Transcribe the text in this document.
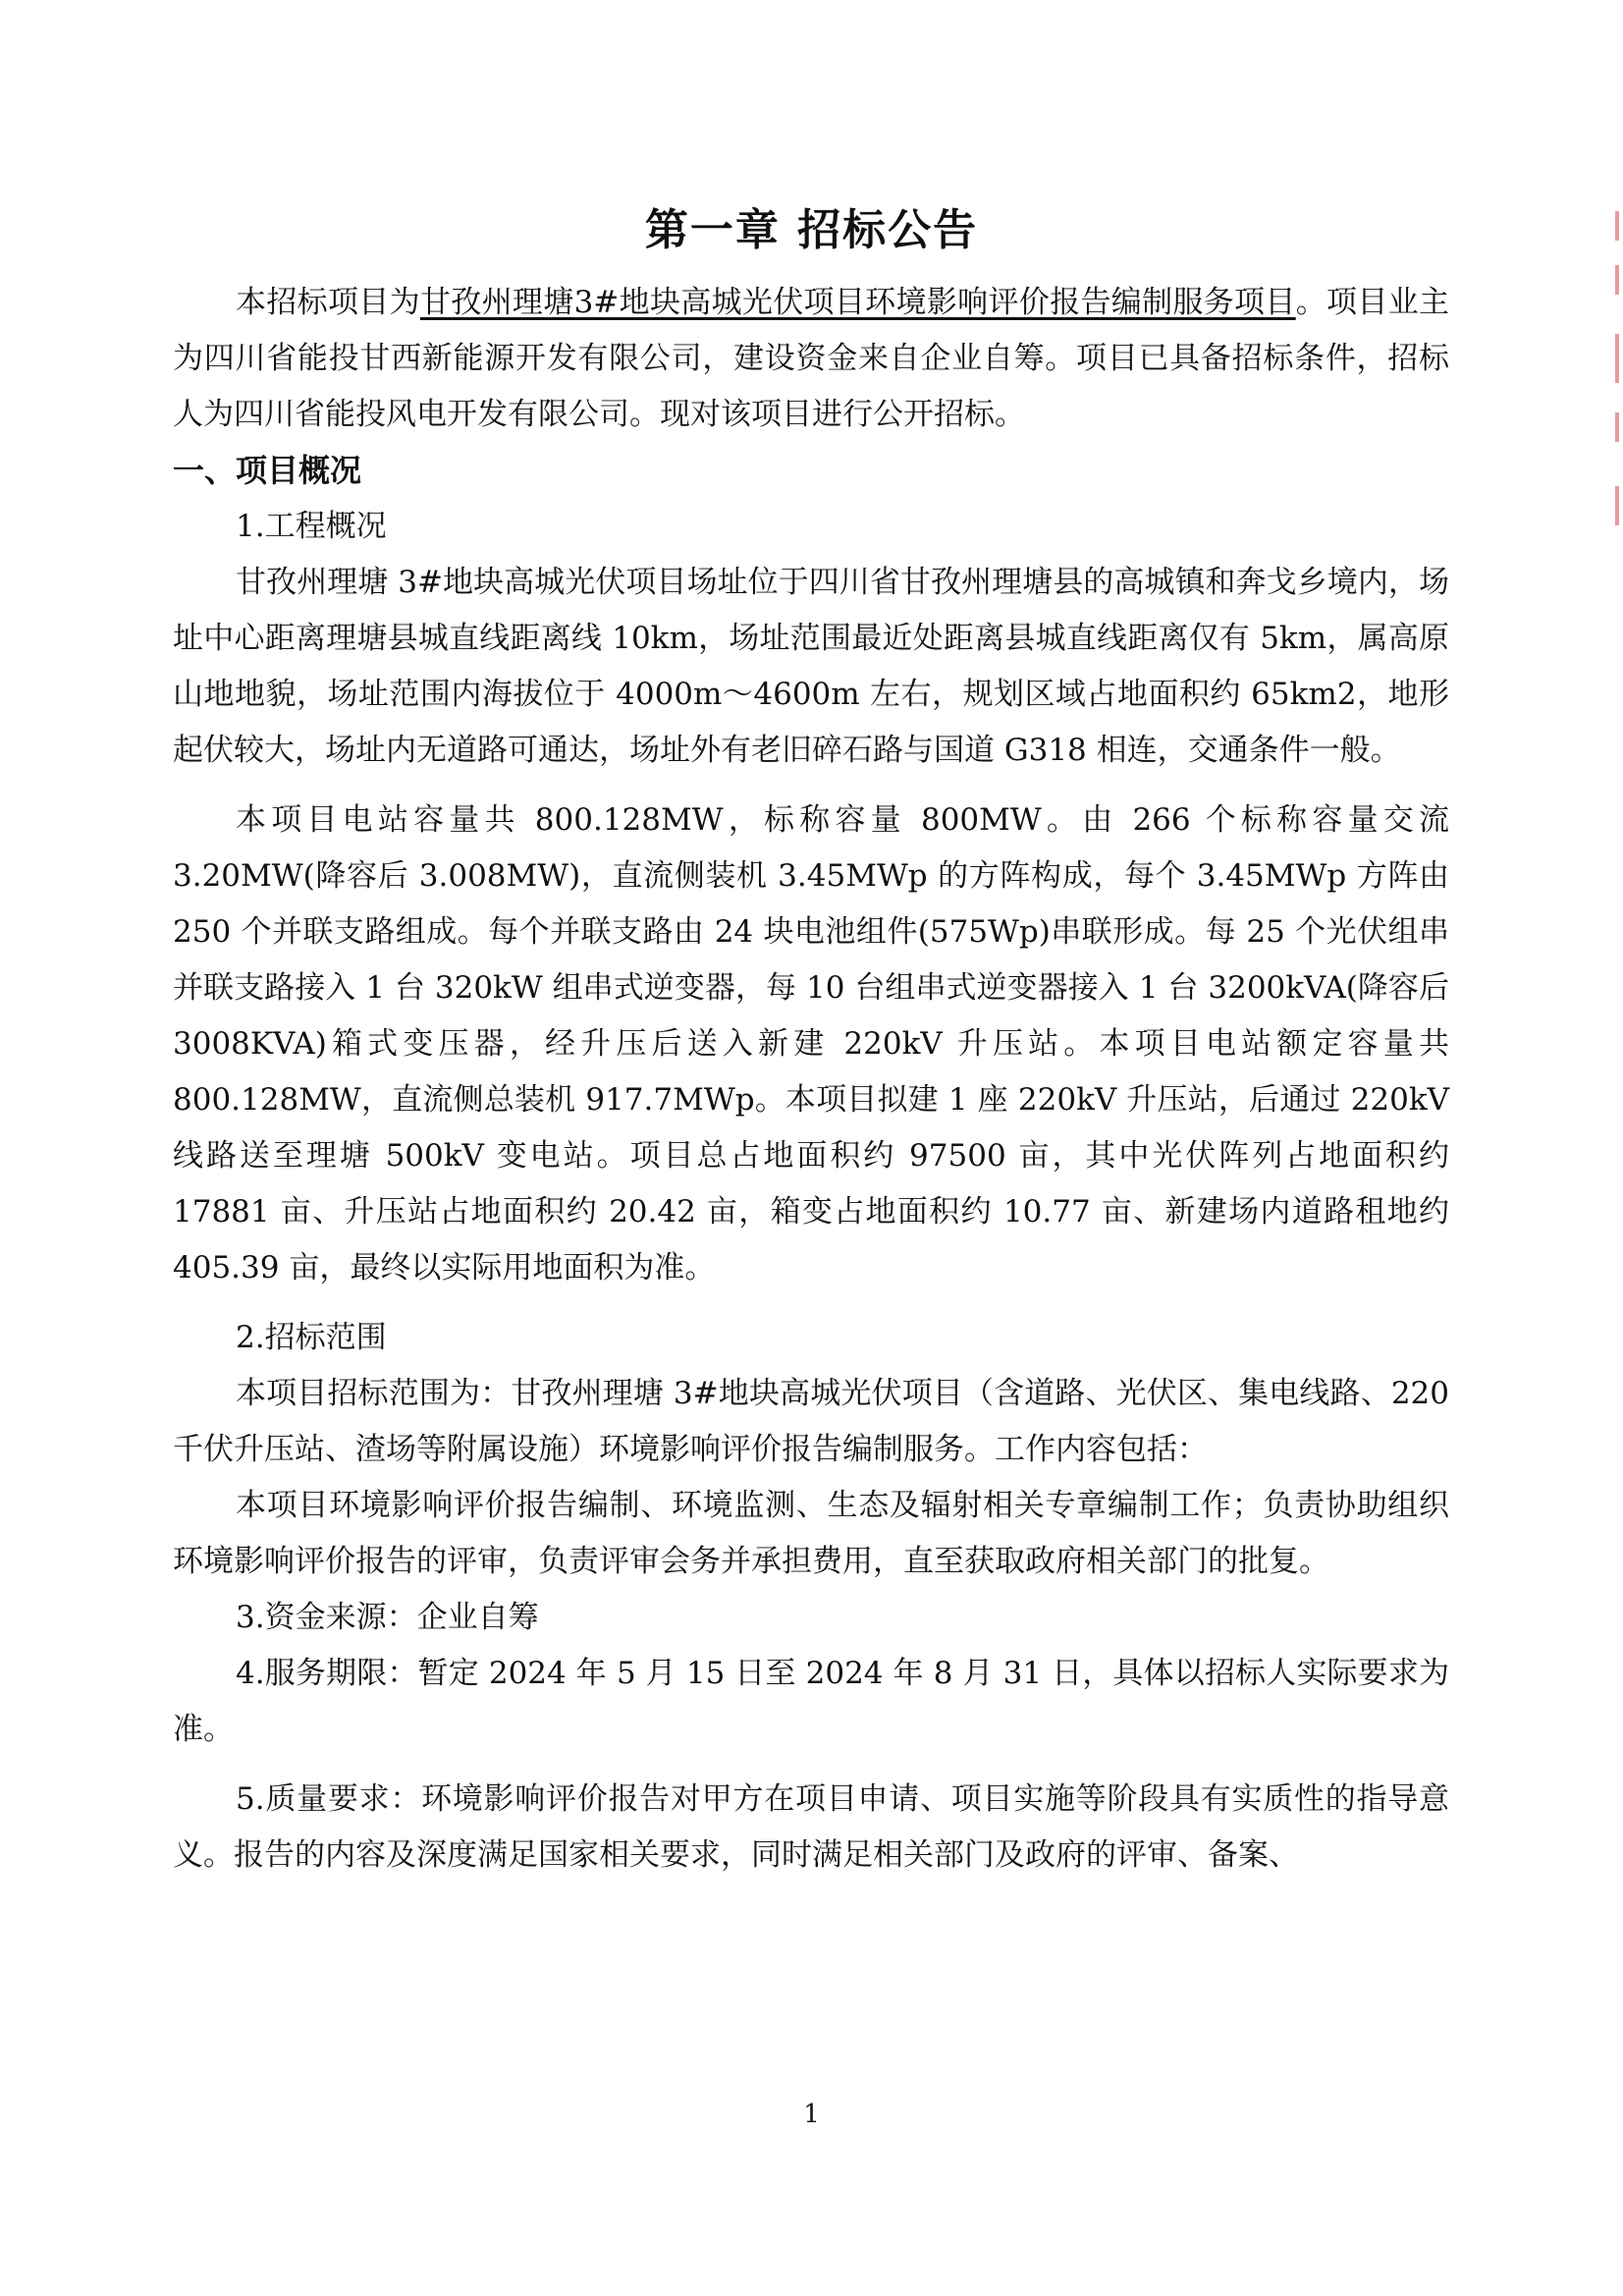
第一章 招标公告

本招标项目为甘孜州理塘3#地块高城光伏项目环境影响评价报告编制服务项目。项目业主为四川省能投甘西新能源开发有限公司，建设资金来自企业自筹。项目已具备招标条件，招标人为四川省能投风电开发有限公司。现对该项目进行公开招标。

一、项目概况

1.工程概况

甘孜州理塘 3#地块高城光伏项目场址位于四川省甘孜州理塘县的高城镇和奔戈乡境内，场址中心距离理塘县城直线距离线 10km，场址范围最近处距离县城直线距离仅有 5km，属高原山地地貌，场址范围内海拔位于 4000m～4600m 左右，规划区域占地面积约 65km2，地形起伏较大，场址内无道路可通达，场址外有老旧碎石路与国道 G318 相连，交通条件一般。

本项目电站容量共 800.128MW，标称容量 800MW。由 266 个标称容量交流 3.20MW(降容后 3.008MW)，直流侧装机 3.45MWp 的方阵构成，每个 3.45MWp 方阵由 250 个并联支路组成。每个并联支路由 24 块电池组件(575Wp)串联形成。每 25 个光伏组串并联支路接入 1 台 320kW 组串式逆变器，每 10 台组串式逆变器接入 1 台 3200kVA(降容后 3008KVA)箱式变压器，经升压后送入新建 220kV 升压站。本项目电站额定容量共 800.128MW，直流侧总装机 917.7MWp。本项目拟建 1 座 220kV 升压站，后通过 220kV 线路送至理塘 500kV 变电站。项目总占地面积约 97500 亩，其中光伏阵列占地面积约 17881 亩、升压站占地面积约 20.42 亩，箱变占地面积约 10.77 亩、新建场内道路租地约 405.39 亩，最终以实际用地面积为准。

2.招标范围

本项目招标范围为：甘孜州理塘 3#地块高城光伏项目（含道路、光伏区、集电线路、220 千伏升压站、渣场等附属设施）环境影响评价报告编制服务。工作内容包括：

本项目环境影响评价报告编制、环境监测、生态及辐射相关专章编制工作；负责协助组织环境影响评价报告的评审，负责评审会务并承担费用，直至获取政府相关部门的批复。

3.资金来源：企业自筹

4.服务期限：暂定 2024 年 5 月 15 日至 2024 年 8 月 31 日，具体以招标人实际要求为准。

5.质量要求：环境影响评价报告对甲方在项目申请、项目实施等阶段具有实质性的指导意义。报告的内容及深度满足国家相关要求，同时满足相关部门及政府的评审、备案、

1
